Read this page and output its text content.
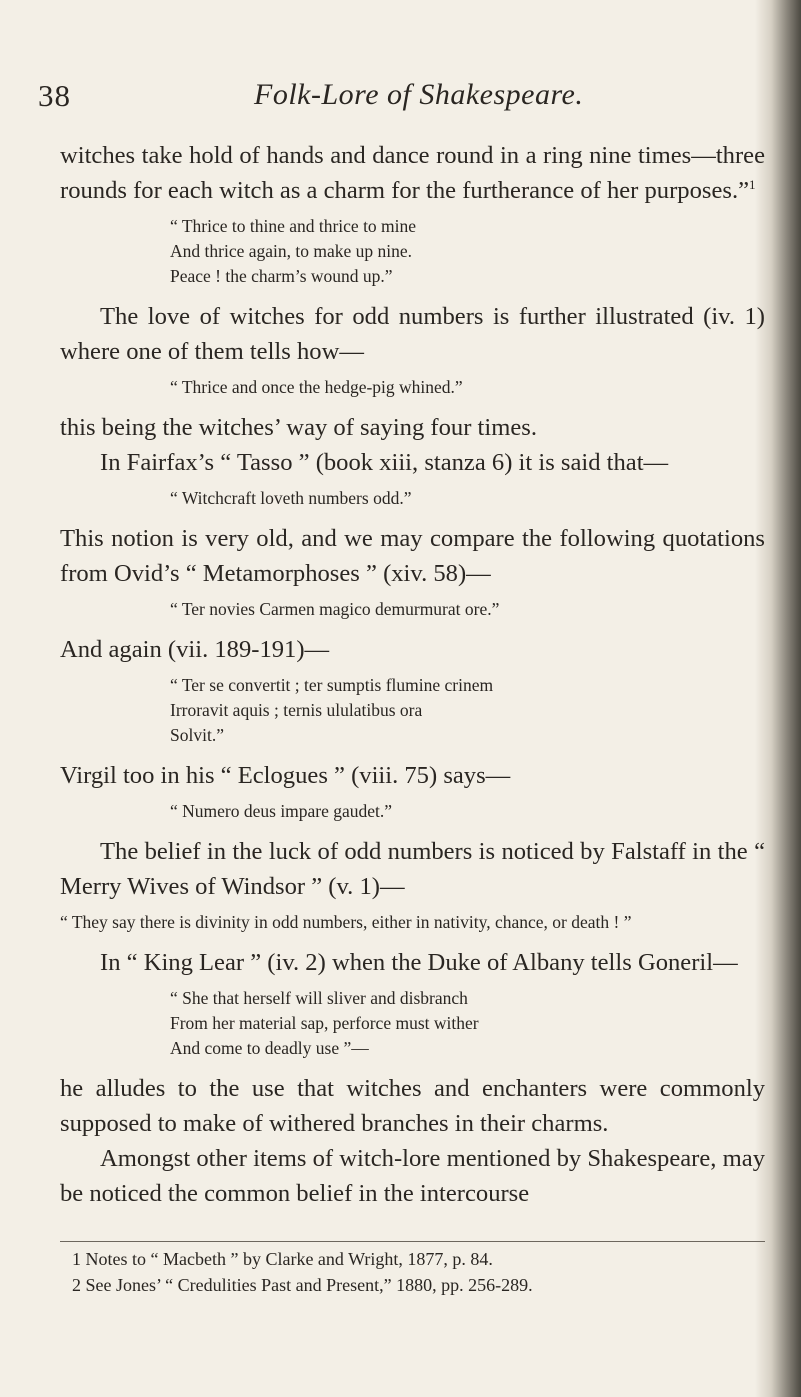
38	Folk-Lore of Shakespeare.

witches take hold of hands and dance round in a ring nine times—three rounds for each witch as a charm for the furtherance of her purposes.”$^1$

“ Thrice to thine and thrice to mine
And thrice again, to make up nine.
Peace ! the charm’s wound up.”

The love of witches for odd numbers is further illustrated (iv. 1) where one of them tells how—

“ Thrice and once the hedge-pig whined.”

this being the witches’ way of saying four times.

In Fairfax’s “ Tasso ” (book xiii, stanza 6) it is said that—

“ Witchcraft loveth numbers odd.”

This notion is very old, and we may compare the following quotations from Ovid’s “ Metamorphoses ” (xiv. 58)—

“ Ter novies Carmen magico demurmurat ore.”

And again (vii. 189-191)—

“ Ter se convertit ; ter sumptis flumine crinem
Irroravit aquis ; ternis ululatibus ora
Solvit.”

Virgil too in his “ Eclogues ” (viii. 75) says—

“ Numero deus impare gaudet.”

The belief in the luck of odd numbers is noticed by Falstaff in the “ Merry Wives of Windsor ” (v. 1)—

“ They say there is divinity in odd numbers, either in nativity, chance, or death ! ”

In “ King Lear ” (iv. 2) when the Duke of Albany tells Goneril—

“ She that herself will sliver and disbranch
From her material sap, perforce must wither
And come to deadly use ”—

he alludes to the use that witches and enchanters were commonly supposed to make of withered branches in their charms.

Amongst other items of witch-lore mentioned by Shakespeare, may be noticed the common belief in the intercourse

1 Notes to “ Macbeth ” by Clarke and Wright, 1877, p. 84.
2 See Jones’ “ Credulities Past and Present,” 1880, pp. 256-289.
